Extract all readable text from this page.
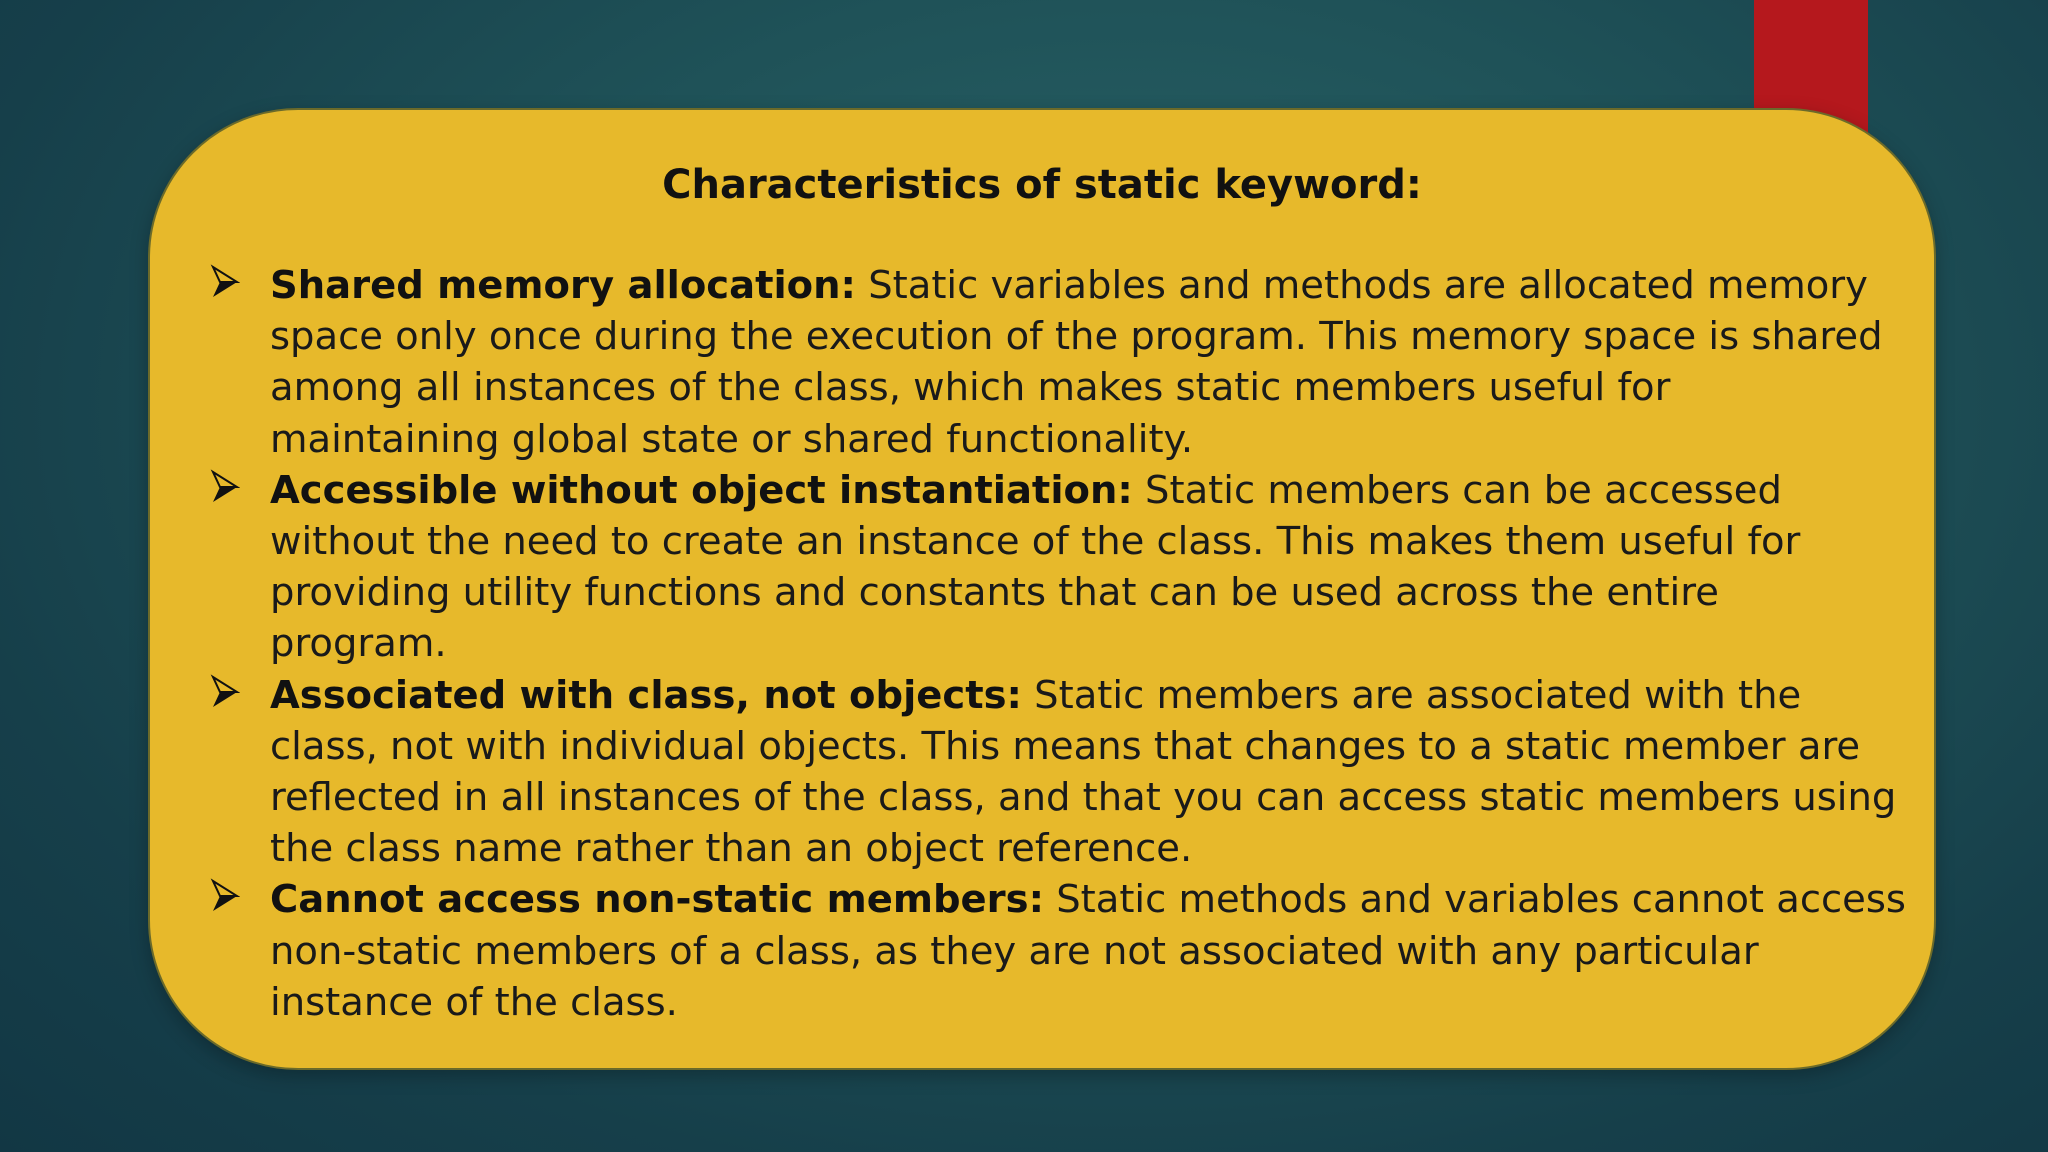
Characteristics of static keyword:
Shared memory allocation: Static variables and methods are allocated memory space only once during the execution of the program. This memory space is shared among all instances of the class, which makes static members useful for maintaining global state or shared functionality.
Accessible without object instantiation: Static members can be accessed without the need to create an instance of the class. This makes them useful for providing utility functions and constants that can be used across the entire program.
Associated with class, not objects: Static members are associated with the class, not with individual objects. This means that changes to a static member are reflected in all instances of the class, and that you can access static members using the class name rather than an object reference.
Cannot access non-static members: Static methods and variables cannot access non-static members of a class, as they are not associated with any particular instance of the class.
